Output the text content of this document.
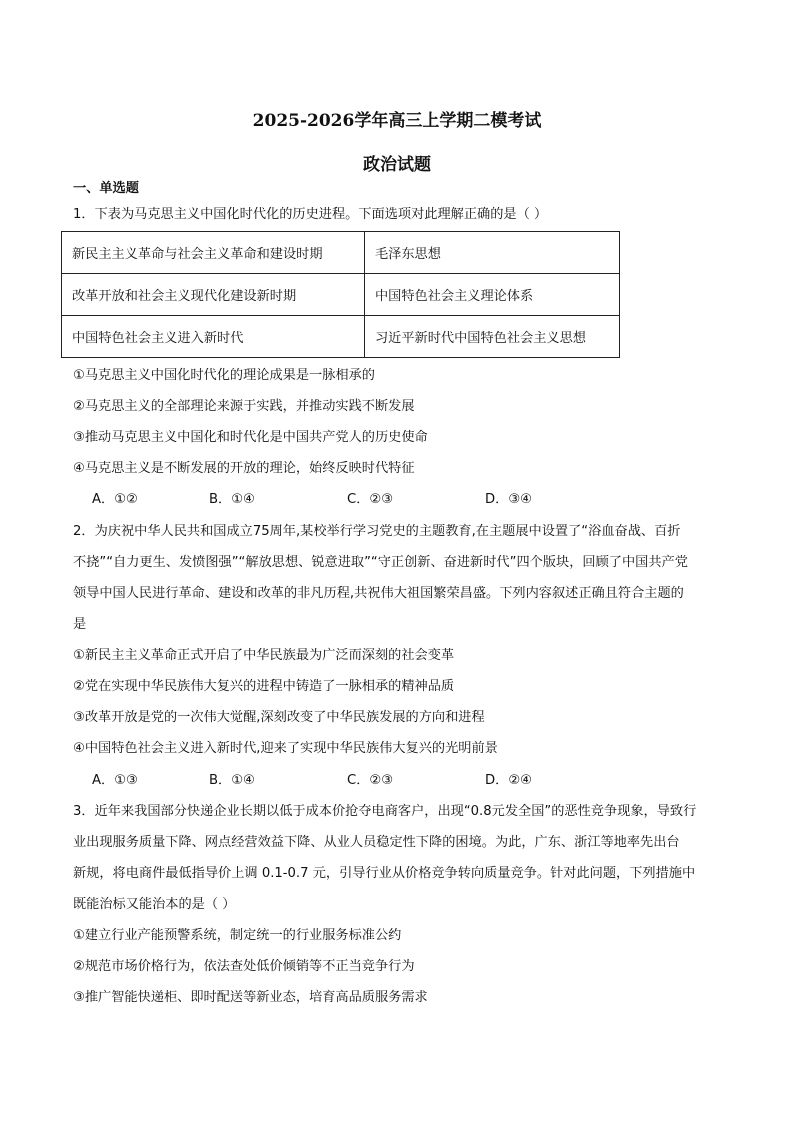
2025-2026学年高三上学期二模考试
政治试题
一、单选题
1．下表为马克思主义中国化时代化的历史进程。下面选项对此理解正确的是（ ）
新民主主义革命与社会主义革命和建设时期	毛泽东思想
改革开放和社会主义现代化建设新时期	中国特色社会主义理论体系
中国特色社会主义进入新时代	习近平新时代中国特色社会主义思想
①马克思主义中国化时代化的理论成果是一脉相承的
②马克思主义的全部理论来源于实践，并推动实践不断发展
③推动马克思主义中国化和时代化是中国共产党人的历史使命
④马克思主义是不断发展的开放的理论，始终反映时代特征
A．①②	B．①④	C．②③	D．③④
2．为庆祝中华人民共和国成立75周年,某校举行学习党史的主题教育,在主题展中设置了“浴血奋战、百折
不挠”“自力更生、发愤图强”“解放思想、锐意进取”“守正创新、奋进新时代”四个版块，回顾了中国共产党
领导中国人民进行革命、建设和改革的非凡历程,共祝伟大祖国繁荣昌盛。下列内容叙述正确且符合主题的
是
①新民主主义革命正式开启了中华民族最为广泛而深刻的社会变革
②党在实现中华民族伟大复兴的进程中铸造了一脉相承的精神品质
③改革开放是党的一次伟大觉醒,深刻改变了中华民族发展的方向和进程
④中国特色社会主义进入新时代,迎来了实现中华民族伟大复兴的光明前景
A．①③	B．①④	C．②③	D．②④
3．近年来我国部分快递企业长期以低于成本价抢夺电商客户，出现“0.8元发全国”的恶性竞争现象，导致行
业出现服务质量下降、网点经营效益下降、从业人员稳定性下降的困境。为此，广东、浙江等地率先出台
新规，将电商件最低指导价上调 0.1-0.7 元，引导行业从价格竞争转向质量竞争。针对此问题，下列措施中
既能治标又能治本的是（ ）
①建立行业产能预警系统，制定统一的行业服务标准公约
②规范市场价格行为，依法查处低价倾销等不正当竞争行为
③推广智能快递柜、即时配送等新业态，培育高品质服务需求
